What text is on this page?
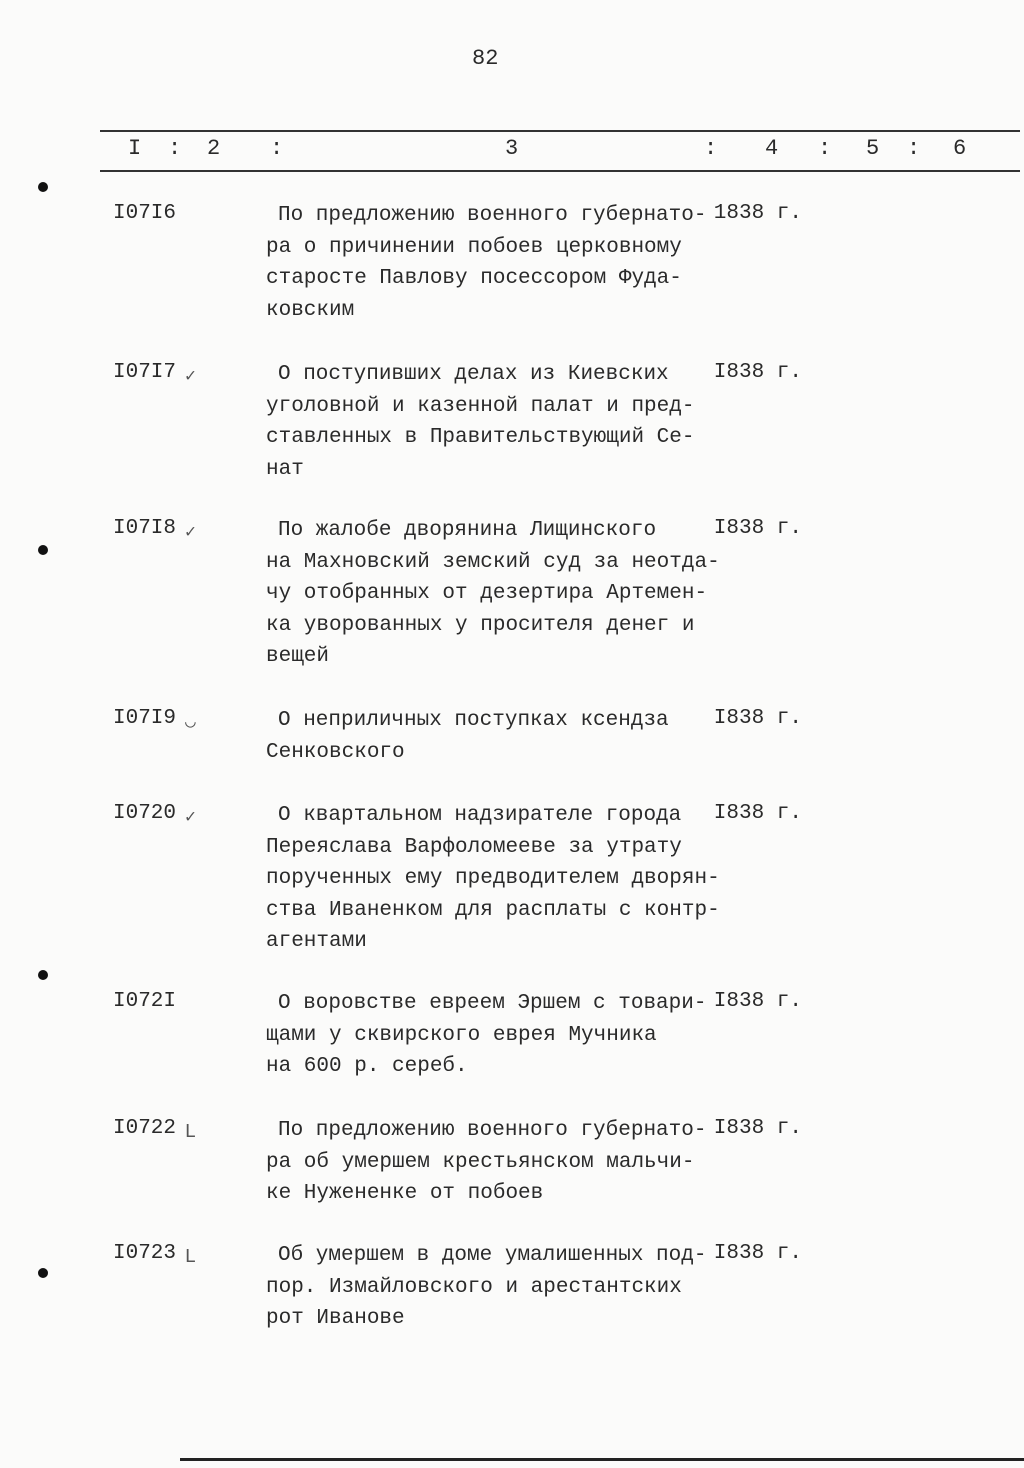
82
I : 2 :	3	: 4 : 5 : 6
I07I6	По предложению военного губернато-
ра о причинении побоев церковному
старосте Павлову посессором Фуда-
ковским
1838 г.
I07I7 ✓	О поступивших делах из Киевских
уголовной и казенной палат и пред-
ставленных в Правительствующий Се-
нат
I838 г.
I07I8 ✓	По жалобе дворянина Лищинского
на Махновский земский суд за неотда-
чу отобранных от дезертира Артемен-
ка уворованных у просителя денег и
вещей
I838 г.
I07I9 ◡	О неприличных поступках ксендза
Сенковского
I838 г.
I0720 ✓	О квартальном надзирателе города
Переяслава Варфоломееве за утрату
порученных ему предводителем дворян-
ства Иваненком для расплаты с контр-
агентами
I838 г.
I072I	О воровстве евреем Эршем с товари-
щами у сквирского еврея Мучника
на 600 р. сереб.
I838 г.
I0722 ᒪ	По предложению военного губернато-
ра об умершем крестьянском мальчи-
ке Нужененке от побоев
I838 г.
I0723 ᒪ	Об умершем в доме умалишенных под-
пор. Измайловского и арестантских
рот Иванове
I838 г.
